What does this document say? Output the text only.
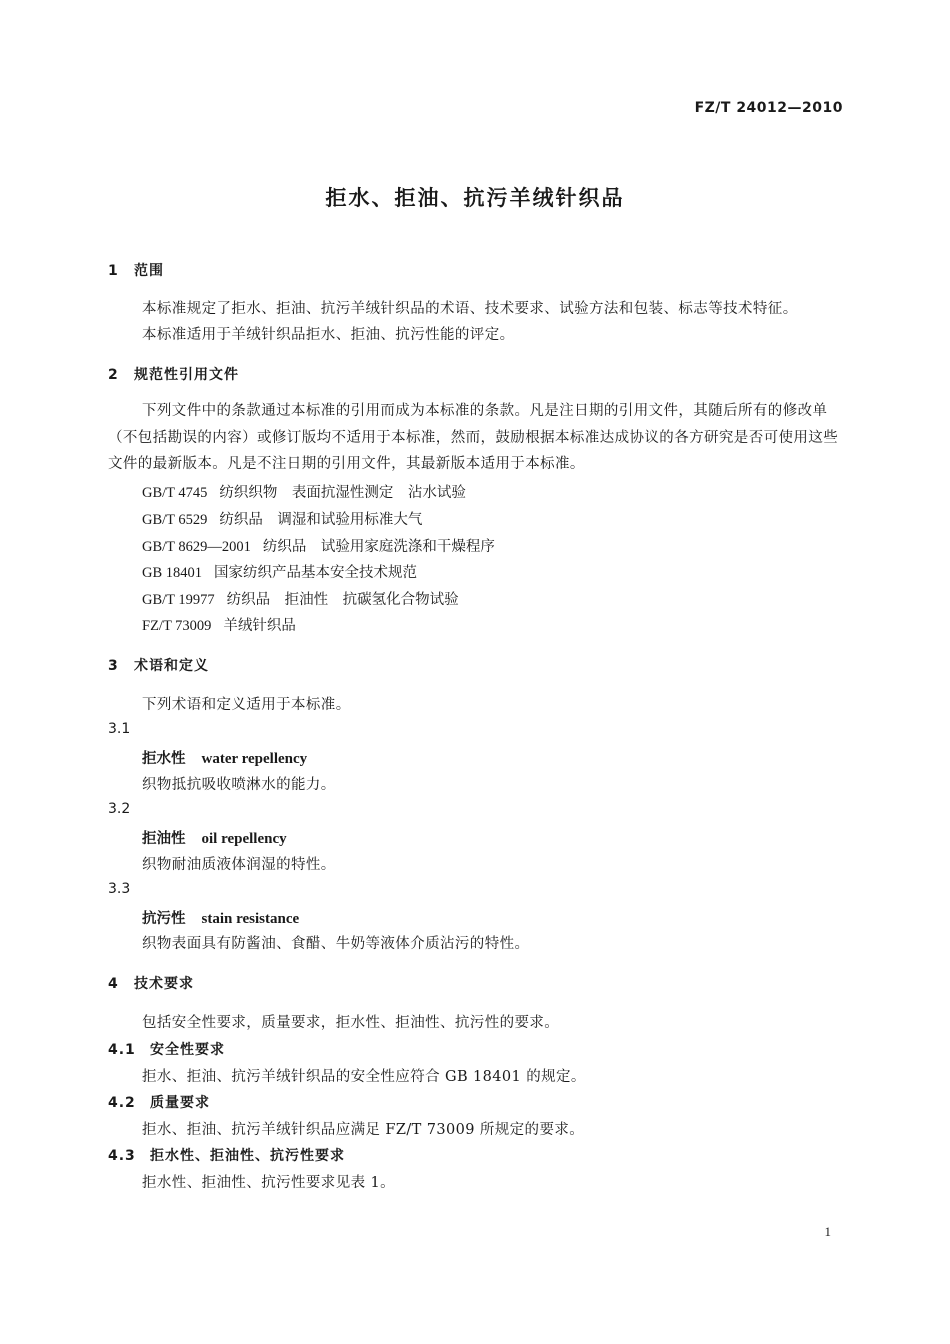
FZ/T 24012—2010
拒水、拒油、抗污羊绒针织品
1 范围
本标准规定了拒水、拒油、抗污羊绒针织品的术语、技术要求、试验方法和包装、标志等技术特征。
本标准适用于羊绒针织品拒水、拒油、抗污性能的评定。
2 规范性引用文件
下列文件中的条款通过本标准的引用而成为本标准的条款。凡是注日期的引用文件，其随后所有的修改单（不包括勘误的内容）或修订版均不适用于本标准，然而，鼓励根据本标准达成协议的各方研究是否可使用这些文件的最新版本。凡是不注日期的引用文件，其最新版本适用于本标准。
GB/T 4745 纺织织物　表面抗湿性测定　沾水试验
GB/T 6529 纺织品　调湿和试验用标准大气
GB/T 8629—2001 纺织品　试验用家庭洗涤和干燥程序
GB 18401 国家纺织产品基本安全技术规范
GB/T 19977 纺织品　拒油性　抗碳氢化合物试验
FZ/T 73009 羊绒针织品
3 术语和定义
下列术语和定义适用于本标准。
3.1
拒水性 water repellency
织物抵抗吸收喷淋水的能力。
3.2
拒油性 oil repellency
织物耐油质液体润湿的特性。
3.3
抗污性 stain resistance
织物表面具有防酱油、食醋、牛奶等液体介质沾污的特性。
4 技术要求
包括安全性要求，质量要求，拒水性、拒油性、抗污性的要求。
4.1 安全性要求
拒水、拒油、抗污羊绒针织品的安全性应符合 GB 18401 的规定。
4.2 质量要求
拒水、拒油、抗污羊绒针织品应满足 FZ/T 73009 所规定的要求。
4.3 拒水性、拒油性、抗污性要求
拒水性、拒油性、抗污性要求见表 1。
1
